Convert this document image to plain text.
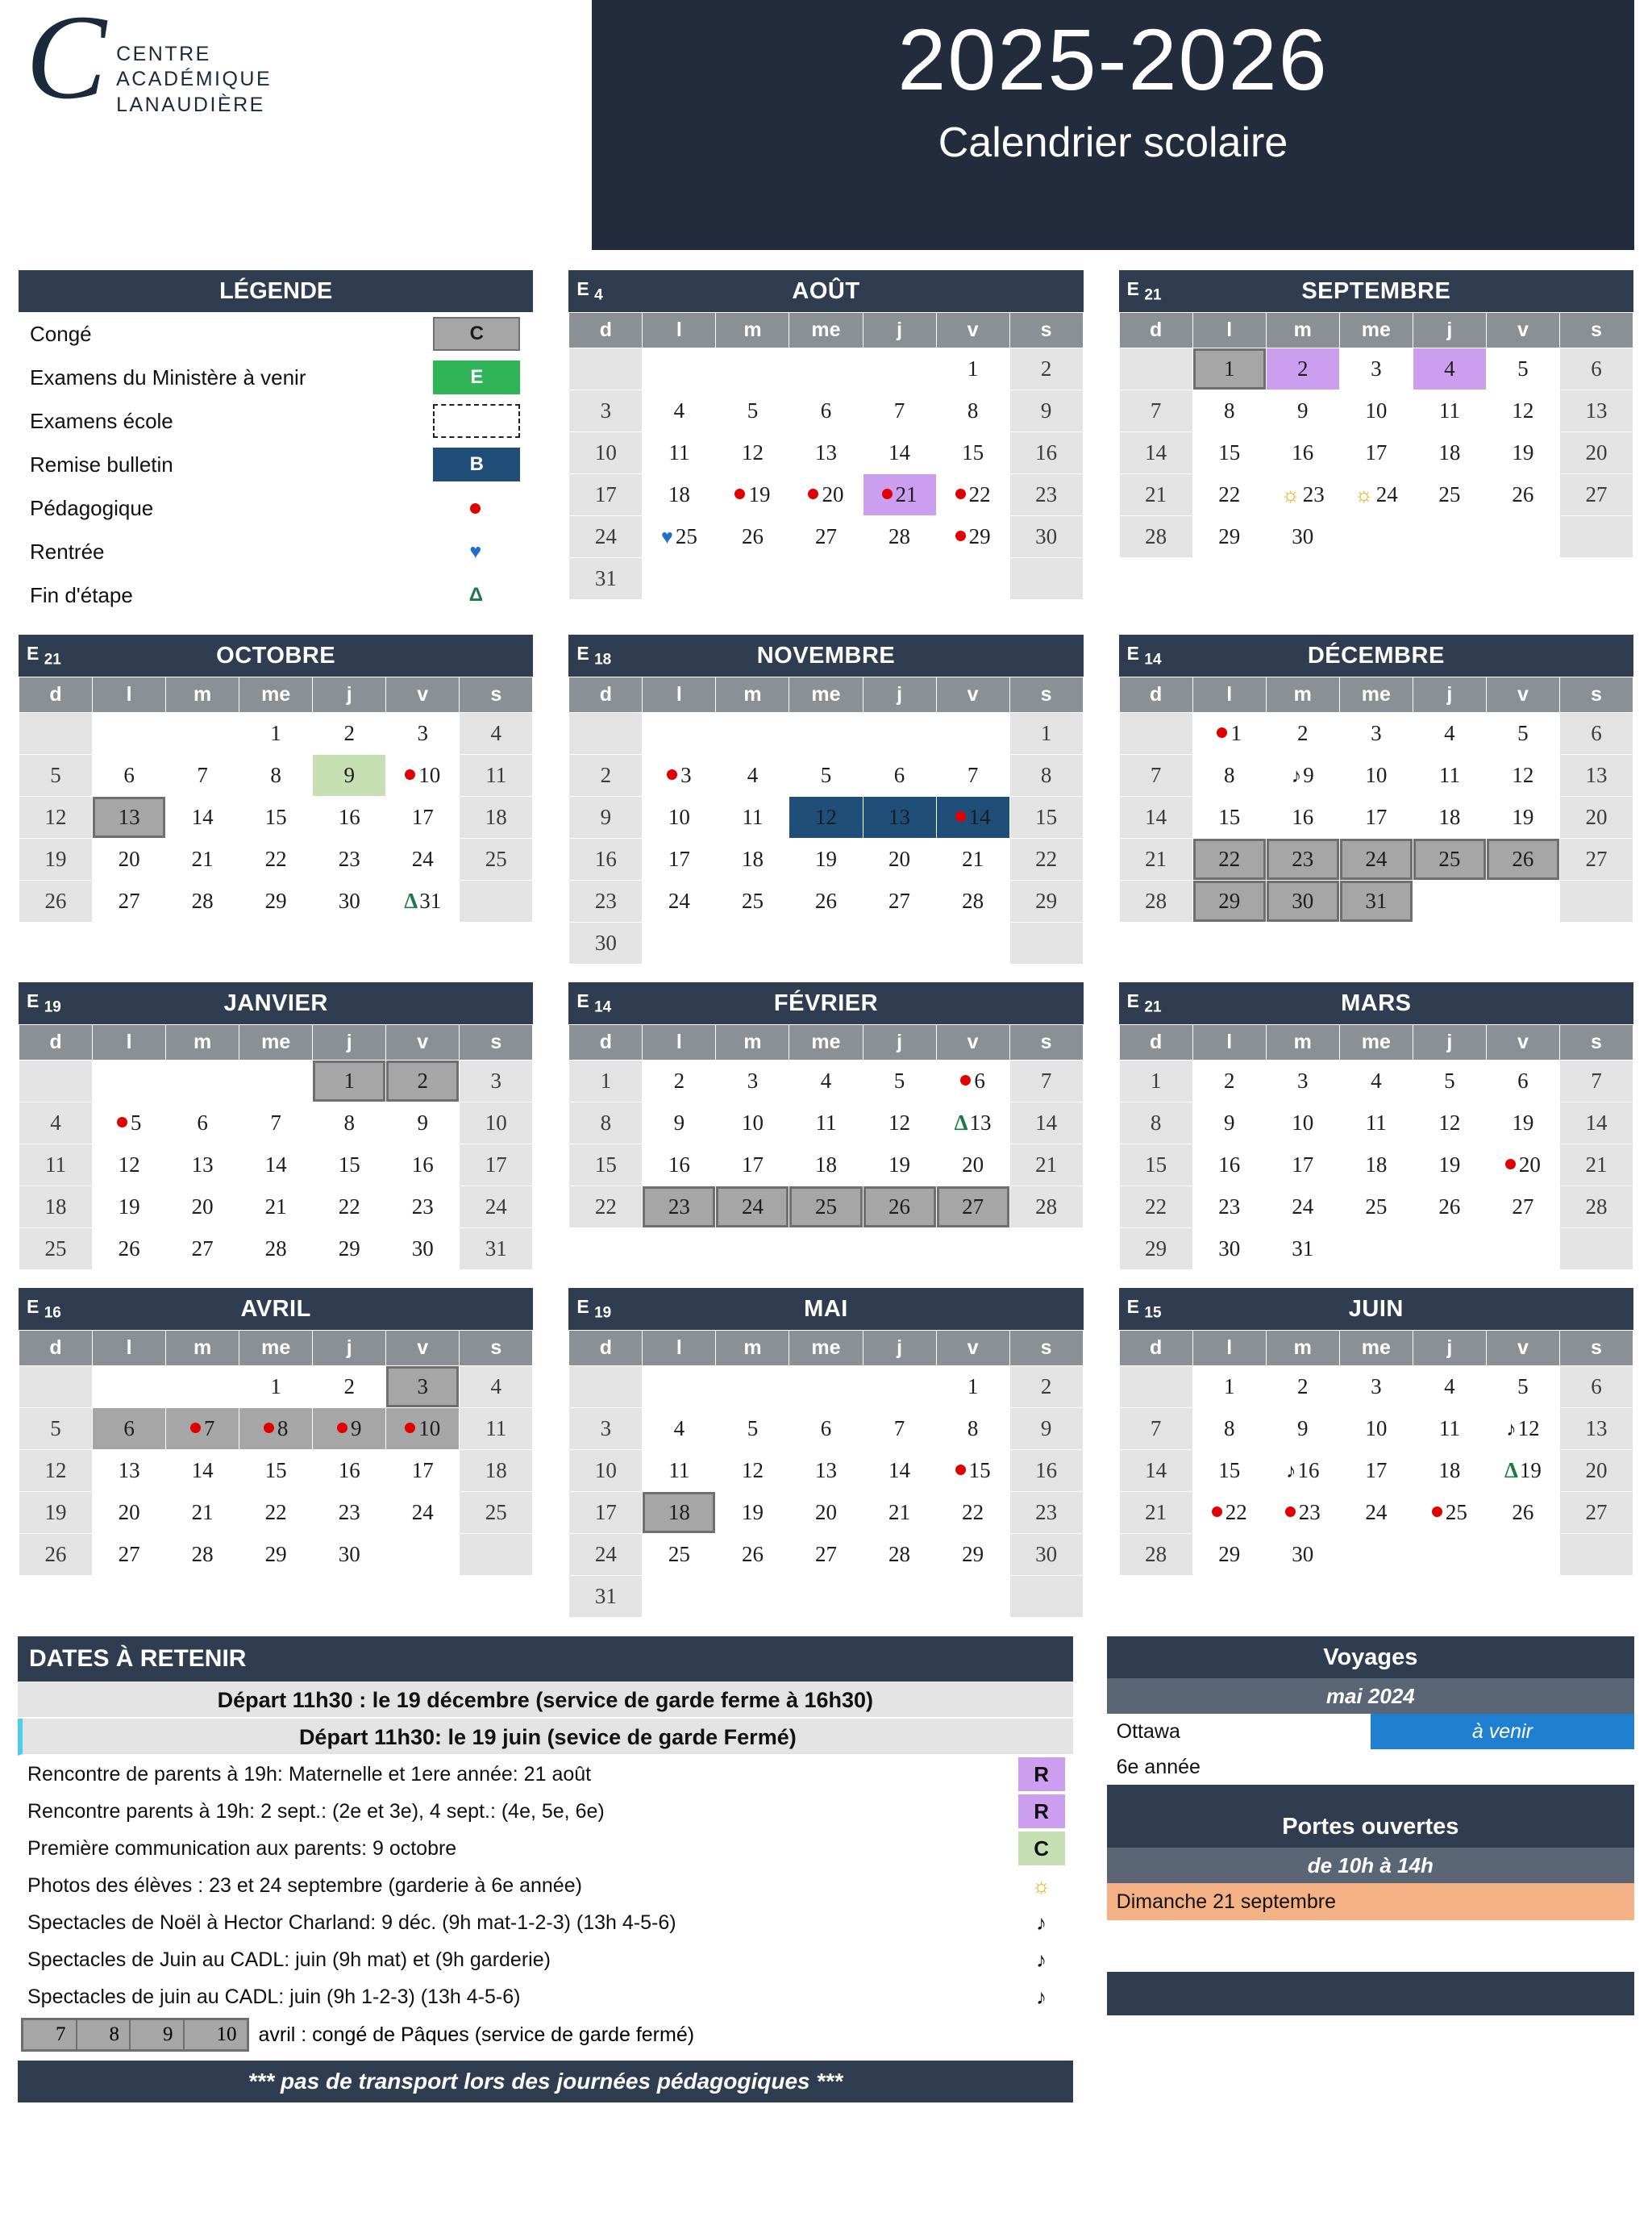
C CENTRE
ACADÉMIQUE
LANAUDIÈRE	2025-2026
Calendrier scolaire
LÉGENDE
Congé	C
Examens du Ministère à venir	E
Examens école
Remise bulletin	B
Pédagogique
Rentrée	♥
Fin d'étape	Δ
E $_4$	AOÛT
d	l	m	me	j	v	s
					1	2
3	4	5	6	7	8	9
10	11	12	13	14	15	16
17	18	19	20	21	22	23
24	♥ 25	26	27	28	29	30
31						
E $_{21}$	SEPTEMBRE
d	l	m	me	j	v	s
	1	2	3	4	5	6
7	8	9	10	11	12	13
14	15	16	17	18	19	20
21	22	☼ 23	☼ 24	25	26	27
28	29	30				
E $_{21}$	OCTOBRE
d	l	m	me	j	v	s
			1	2	3	4
5	6	7	8	9	10	11
12	13	14	15	16	17	18
19	20	21	22	23	24	25
26	27	28	29	30	Δ31	
E $_{18}$	NOVEMBRE
d	l	m	me	j	v	s
						1
2	3	4	5	6	7	8
9	10	11	12	13	14	15
16	17	18	19	20	21	22
23	24	25	26	27	28	29
30						
E $_{14}$	DÉCEMBRE
d	l	m	me	j	v	s
	1	2	3	4	5	6
7	8	♪9	10	11	12	13
14	15	16	17	18	19	20
21	22	23	24	25	26	27
28	29	30	31			
E $_{19}$	JANVIER
d	l	m	me	j	v	s
				1	2	3
4	5	6	7	8	9	10
11	12	13	14	15	16	17
18	19	20	21	22	23	24
25	26	27	28	29	30	31
E $_{14}$	FÉVRIER
d	l	m	me	j	v	s
1	2	3	4	5	6	7
8	9	10	11	12	Δ13	14
15	16	17	18	19	20	21
22	23	24	25	26	27	28
E $_{21}$	MARS
d	l	m	me	j	v	s
1	2	3	4	5	6	7
8	9	10	11	12	19	14
15	16	17	18	19	20	21
22	23	24	25	26	27	28
29	30	31				
E $_{16}$	AVRIL
d	l	m	me	j	v	s
			1	2	3	4
5	6	7	8	9	10	11
12	13	14	15	16	17	18
19	20	21	22	23	24	25
26	27	28	29	30		
E $_{19}$	MAI
d	l	m	me	j	v	s
					1	2
3	4	5	6	7	8	9
10	11	12	13	14	15	16
17	18	19	20	21	22	23
24	25	26	27	28	29	30
31						
E $_{15}$	JUIN
d	l	m	me	j	v	s
	1	2	3	4	5	6
7	8	9	10	11	♪12	13
14	15	♪16	17	18	Δ19	20
21	22	23	24	25	26	27
28	29	30				
DATES À RETENIR
Départ 11h30 : le 19 décembre (service de garde ferme à 16h30)
Départ 11h30: le 19 juin (sevice de garde Fermé)
Rencontre de parents à 19h: Maternelle et 1ere année: 21 août	R
Rencontre parents à 19h: 2 sept.: (2e et 3e), 4 sept.: (4e, 5e, 6e)	R
Première communication aux parents: 9 octobre	C
Photos des élèves : 23 et 24 septembre (garderie à 6e année)	☼
Spectacles de Noël à Hector Charland: 9 déc. (9h mat-1-2-3) (13h 4-5-6)	♪
Spectacles de Juin au CADL: juin (9h mat) et (9h garderie)	♪
Spectacles de juin au CADL: juin (9h 1-2-3) (13h 4-5-6)	♪
7	8	9	10	avril : congé de Pâques (service de garde fermé)
*** pas de transport lors des journées pédagogiques ***
Voyages
mai 2024
Ottawa	à venir
6e année
Portes ouvertes
de 10h à 14h
Dimanche 21 septembre
